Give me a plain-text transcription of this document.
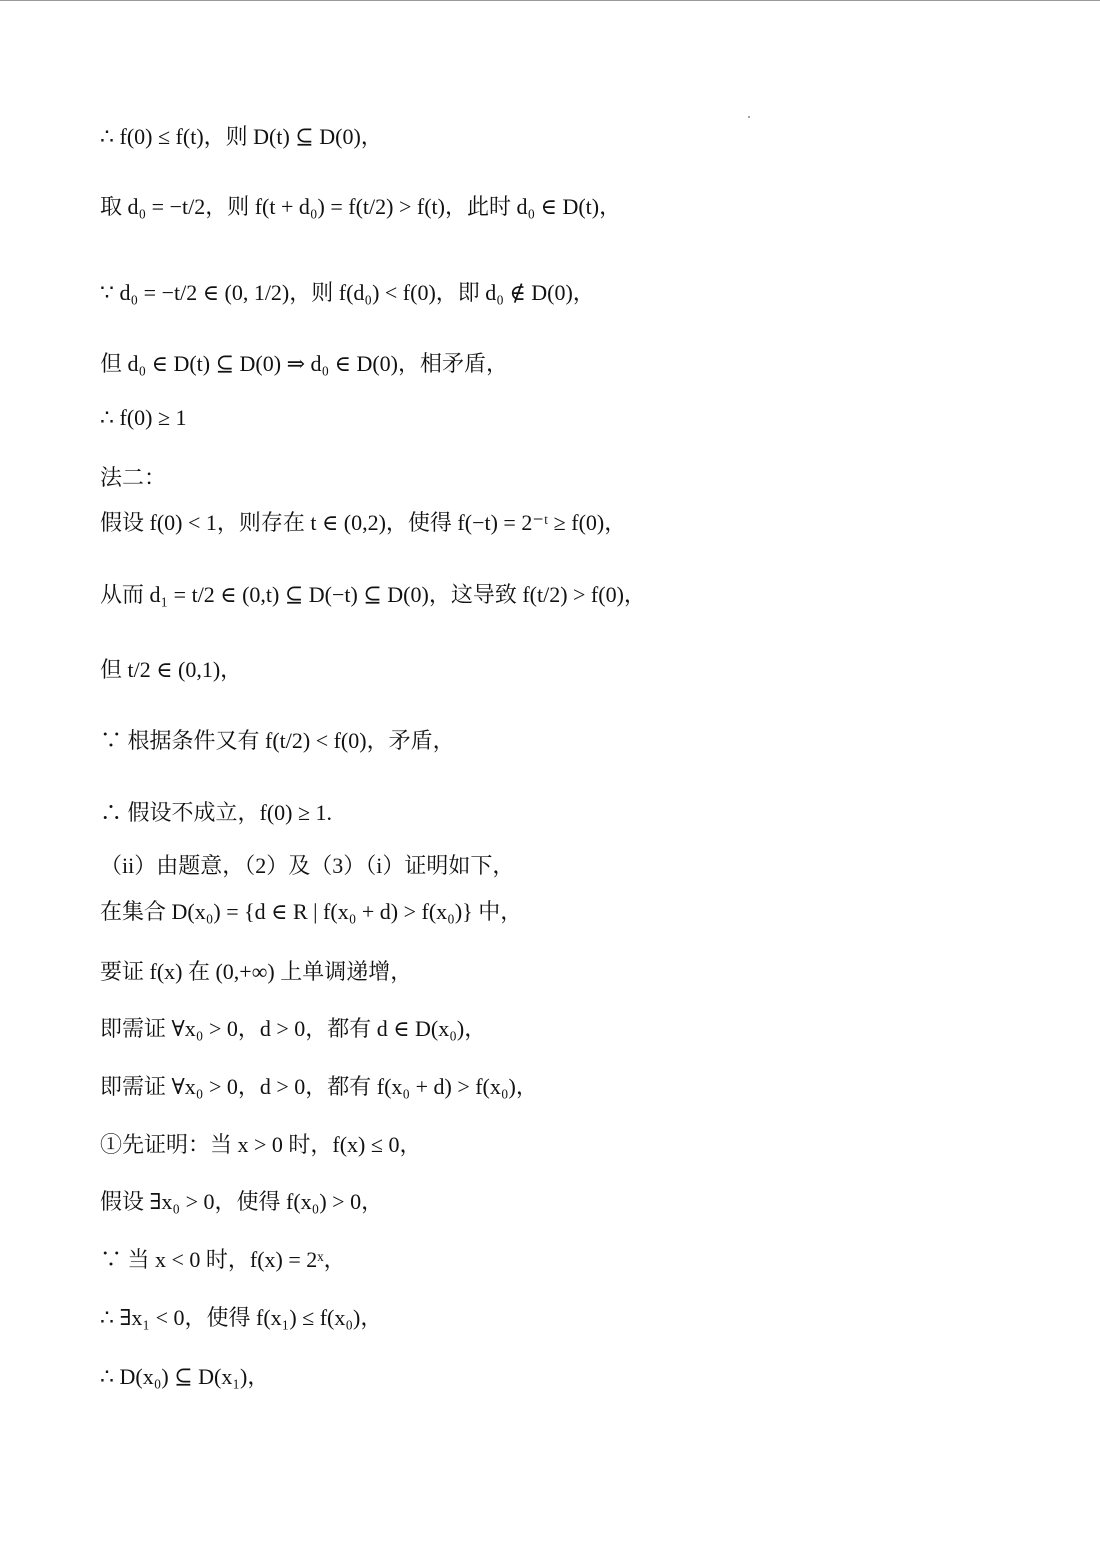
∴ f(0) ≤ f(t)，则 D(t) ⊆ D(0)，
取 d₀ = −t/2，则 f(t + d₀) = f(t/2) > f(t)，此时 d₀ ∈ D(t)，
∵ d₀ = −t/2 ∈ (0, 1/2)，则 f(d₀) < f(0)，即 d₀ ∉ D(0)，
但 d₀ ∈ D(t) ⊆ D(0) ⇒ d₀ ∈ D(0)，相矛盾，
∴ f(0) ≥ 1
法二：
假设 f(0) < 1，则存在 t ∈ (0,2)，使得 f(−t) = 2⁻ᵗ ≥ f(0)，
从而 d₁ = t/2 ∈ (0,t) ⊆ D(−t) ⊆ D(0)，这导致 f(t/2) > f(0)，
但 t/2 ∈ (0,1)，
∵ 根据条件又有 f(t/2) < f(0)，矛盾，
∴ 假设不成立，f(0) ≥ 1.
（ii）由题意，（2）及（3）（i）证明如下，
在集合 D(x₀) = {d ∈ R | f(x₀ + d) > f(x₀)} 中，
要证 f(x) 在 (0,+∞) 上单调递增，
即需证 ∀x₀ > 0，d > 0，都有 d ∈ D(x₀)，
即需证 ∀x₀ > 0，d > 0，都有 f(x₀ + d) > f(x₀)，
①先证明：当 x > 0 时，f(x) ≤ 0，
假设 ∃x₀ > 0，使得 f(x₀) > 0，
∵ 当 x < 0 时，f(x) = 2ˣ，
∴ ∃x₁ < 0，使得 f(x₁) ≤ f(x₀)，
∴ D(x₀) ⊆ D(x₁)，
